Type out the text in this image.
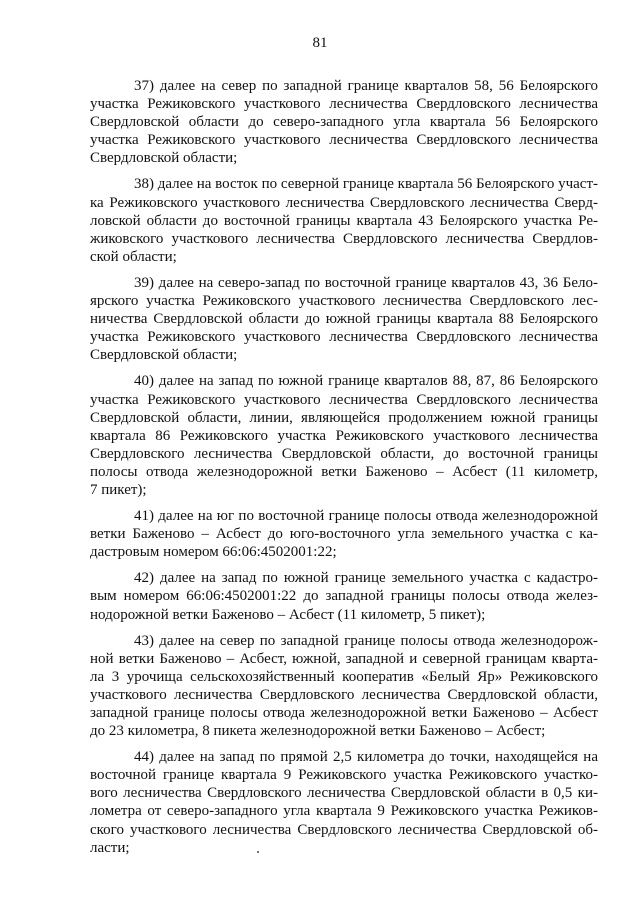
81

37) далее на север по западной границе кварталов 58, 56 Белоярского
участка Режиковского участкового лесничества Свердловского лесничества
Свердловской области до северо-западного угла квартала 56 Белоярского
участка Режиковского участкового лесничества Свердловского лесничества
Свердловской области;

38) далее на восток по северной границе квартала 56 Белоярского участ-
ка Режиковского участкового лесничества Свердловского лесничества Сверд-
ловской области до восточной границы квартала 43 Белоярского участка Ре-
жиковского участкового лесничества Свердловского лесничества Свердлов-
ской области;

39) далее на северо-запад по восточной границе кварталов 43, 36 Бело-
ярского участка Режиковского участкового лесничества Свердловского лес-
ничества Свердловской области до южной границы квартала 88 Белоярского
участка Режиковского участкового лесничества Свердловского лесничества
Свердловской области;

40) далее на запад по южной границе кварталов 88, 87, 86 Белоярского
участка Режиковского участкового лесничества Свердловского лесничества
Свердловской области, линии, являющейся продолжением южной границы
квартала 86 Режиковского участка Режиковского участкового лесничества
Свердловского лесничества Свердловской области, до восточной границы
полосы отвода железнодорожной ветки Баженово – Асбест (11 километр,
7 пикет);

41) далее на юг по восточной границе полосы отвода железнодорожной
ветки Баженово – Асбест до юго-восточного угла земельного участка с ка-
дастровым номером 66:06:4502001:22;

42) далее на запад по южной границе земельного участка с кадастро-
вым номером 66:06:4502001:22 до западной границы полосы отвода желез-
нодорожной ветки Баженово – Асбест (11 километр, 5 пикет);

43) далее на север по западной границе полосы отвода железнодорож-
ной ветки Баженово – Асбест, южной, западной и северной границам кварта-
ла 3 урочища сельскохозяйственный кооператив «Белый Яр» Режиковского
участкового лесничества Свердловского лесничества Свердловской области,
западной границе полосы отвода железнодорожной ветки Баженово – Асбест
до 23 километра, 8 пикета железнодорожной ветки Баженово – Асбест;

44) далее на запад по прямой 2,5 километра до точки, находящейся на
восточной границе квартала 9 Режиковского участка Режиковского участко-
вого лесничества Свердловского лесничества Свердловской области в 0,5 ки-
лометра от северо-западного угла квартала 9 Режиковского участка Режиков-
ского участкового лесничества Свердловского лесничества Свердловской об-
ласти;
